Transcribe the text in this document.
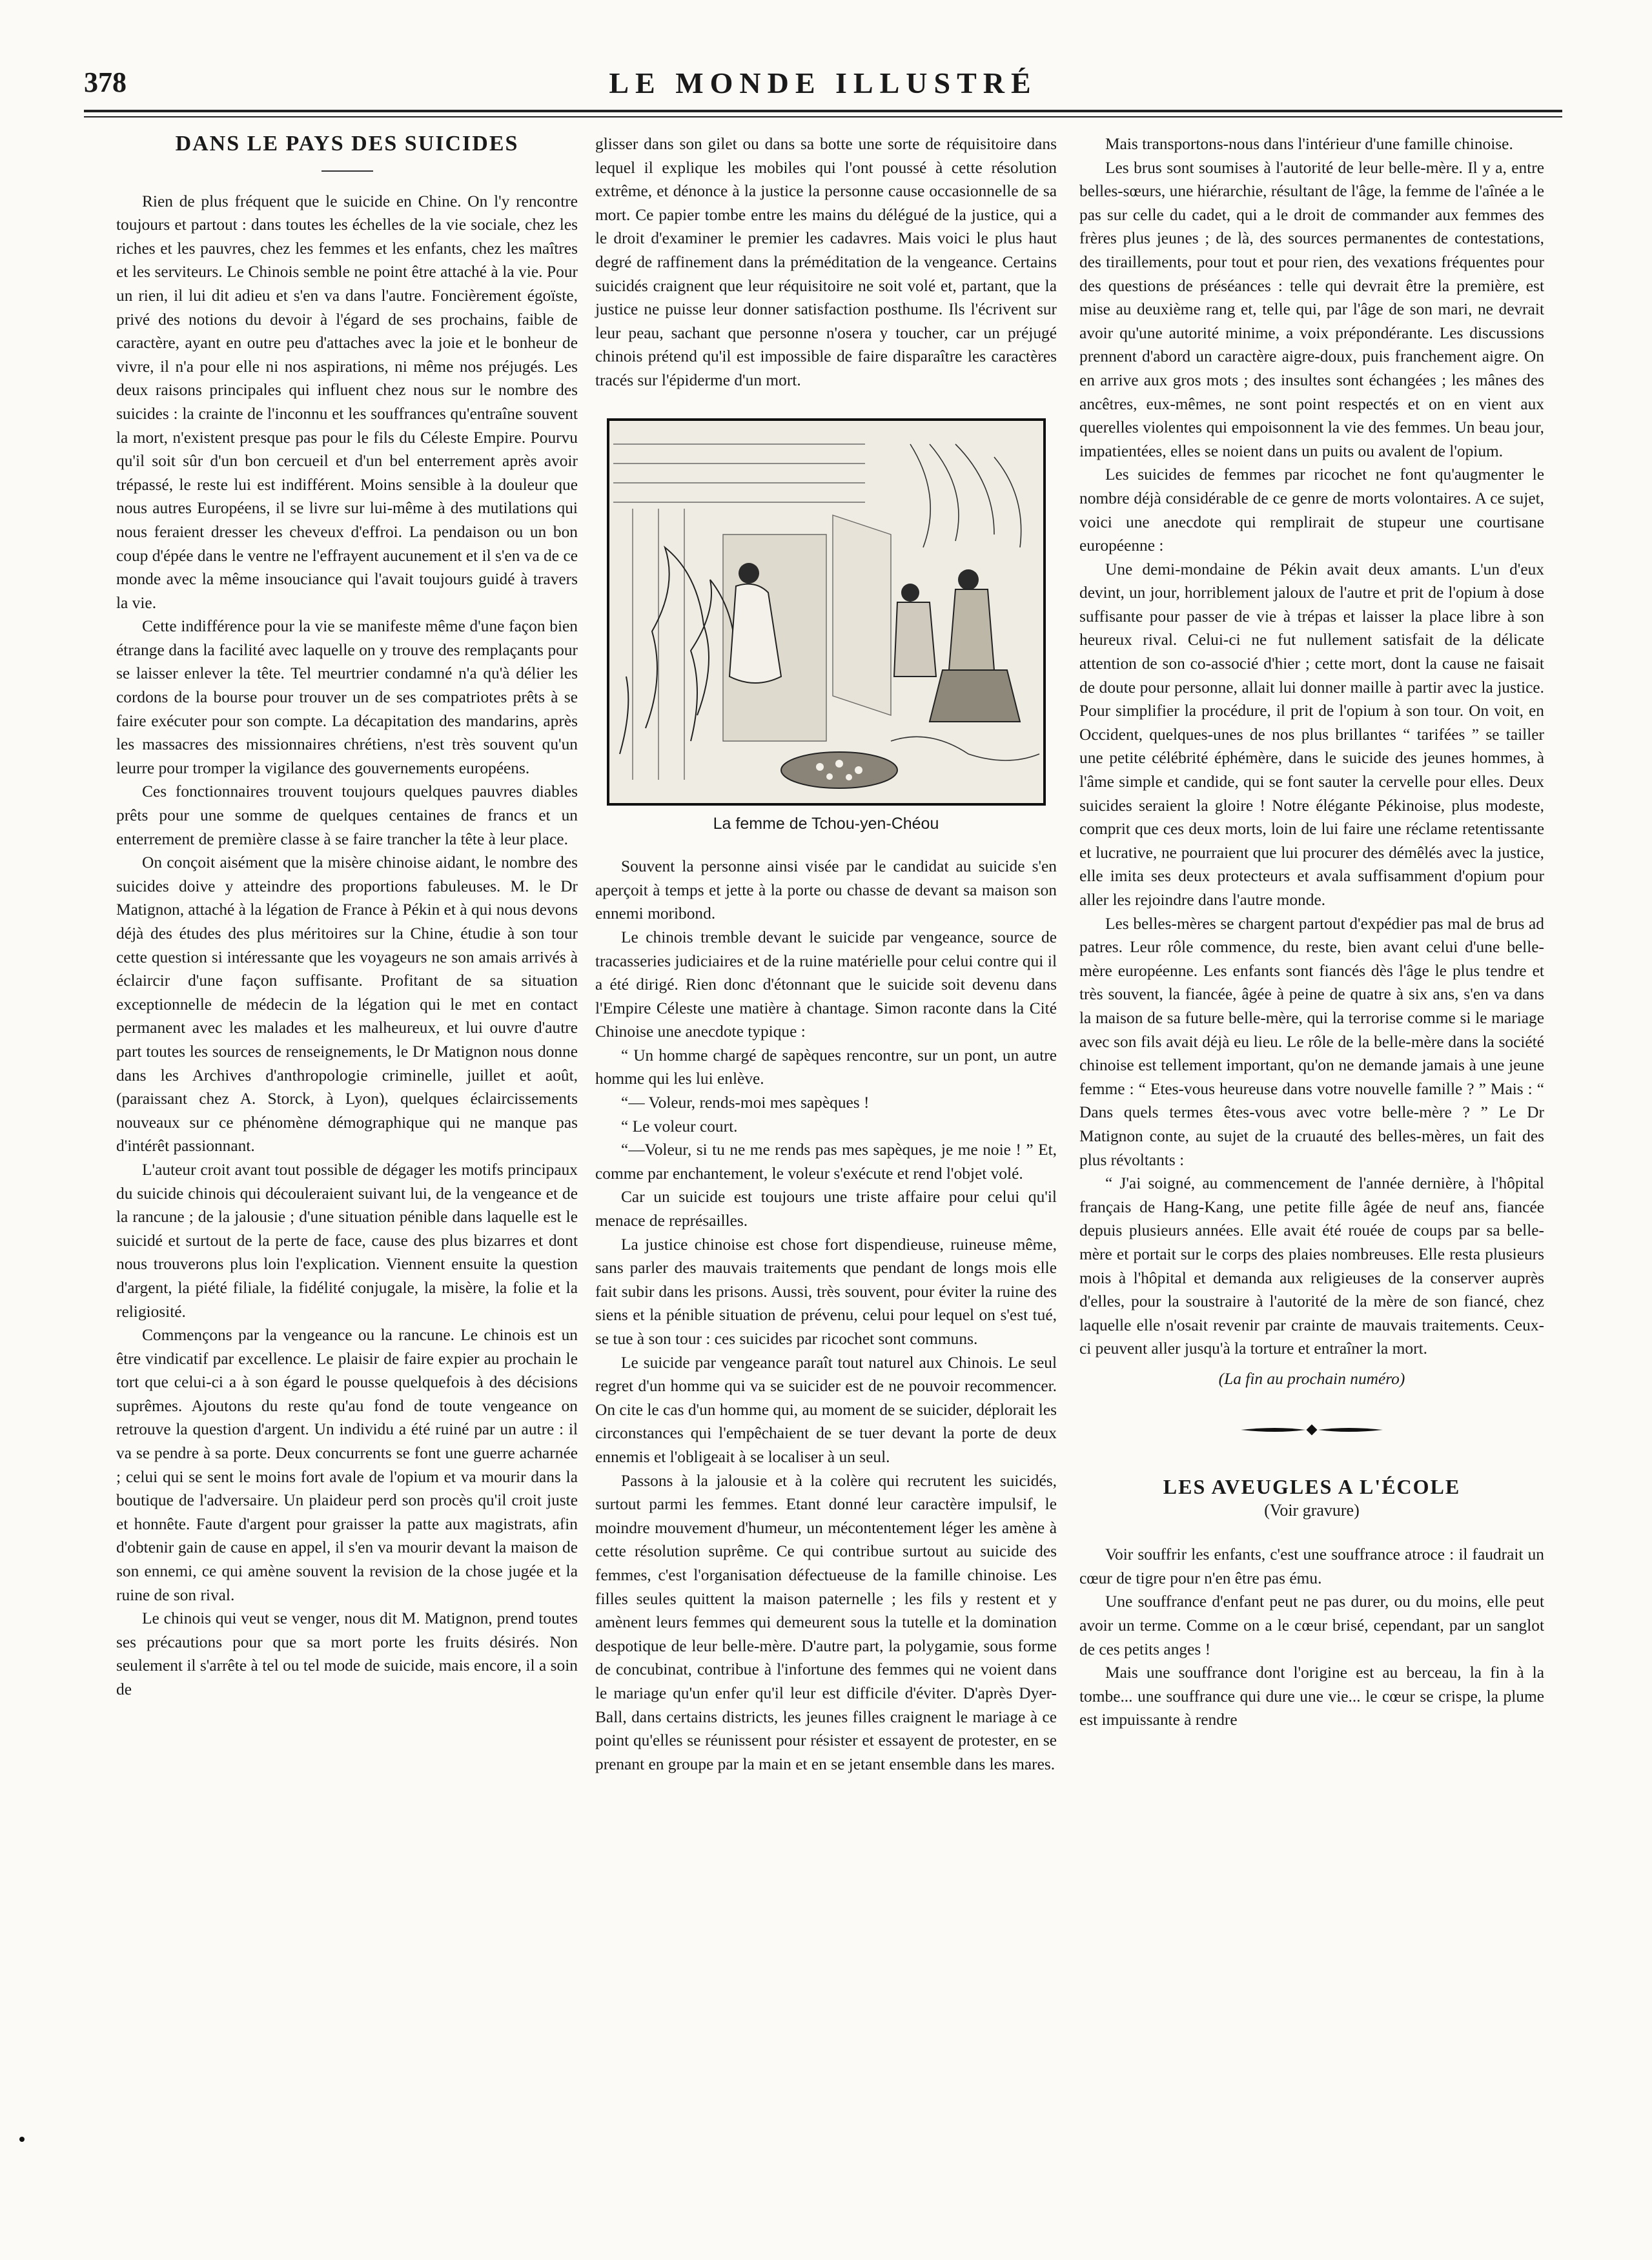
378	LE MONDE ILLUSTRÉ
DANS LE PAYS DES SUICIDES

Rien de plus fréquent que le suicide en Chine. On l'y rencontre toujours et partout : dans toutes les échelles de la vie sociale, chez les riches et les pauvres, chez les femmes et les enfants, chez les maîtres et les serviteurs. Le Chinois semble ne point être attaché à la vie. Pour un rien, il lui dit adieu et s'en va dans l'autre. Foncièrement égoïste, privé des notions du devoir à l'égard de ses prochains, faible de caractère, ayant en outre peu d'attaches avec la joie et le bonheur de vivre, il n'a pour elle ni nos aspirations, ni même nos préjugés. Les deux raisons principales qui influent chez nous sur le nombre des suicides : la crainte de l'inconnu et les souffrances qu'entraîne souvent la mort, n'existent presque pas pour le fils du Céleste Empire. Pourvu qu'il soit sûr d'un bon cercueil et d'un bel enterrement après avoir trépassé, le reste lui est indifférent. Moins sensible à la douleur que nous autres Européens, il se livre sur lui-même à des mutilations qui nous feraient dresser les cheveux d'effroi. La pendaison ou un bon coup d'épée dans le ventre ne l'effrayent aucunement et il s'en va de ce monde avec la même insouciance qui l'avait toujours guidé à travers la vie.

Cette indifférence pour la vie se manifeste même d'une façon bien étrange dans la facilité avec laquelle on y trouve des remplaçants pour se laisser enlever la tête. Tel meurtrier condamné n'a qu'à délier les cordons de la bourse pour trouver un de ses compatriotes prêts à se faire exécuter pour son compte. La décapitation des mandarins, après les massacres des missionnaires chrétiens, n'est très souvent qu'un leurre pour tromper la vigilance des gouvernements européens.

Ces fonctionnaires trouvent toujours quelques pauvres diables prêts pour une somme de quelques centaines de francs et un enterrement de première classe à se faire trancher la tête à leur place.

On conçoit aisément que la misère chinoise aidant, le nombre des suicides doive y atteindre des proportions fabuleuses. M. le Dr Matignon, attaché à la légation de France à Pékin et à qui nous devons déjà des études des plus méritoires sur la Chine, étudie à son tour cette question si intéressante que les voyageurs ne son amais arrivés à éclaircir d'une façon suffisante. Profitant de sa situation exceptionnelle de médecin de la légation qui le met en contact permanent avec les malades et les malheureux, et lui ouvre d'autre part toutes les sources de renseignements, le Dr Matignon nous donne dans les Archives d'anthropologie criminelle, juillet et août, (paraissant chez A. Storck, à Lyon), quelques éclaircissements nouveaux sur ce phénomène démographique qui ne manque pas d'intérêt passionnant.

L'auteur croit avant tout possible de dégager les motifs principaux du suicide chinois qui découleraient suivant lui, de la vengeance et de la rancune ; de la jalousie ; d'une situation pénible dans laquelle est le suicidé et surtout de la perte de face, cause des plus bizarres et dont nous trouverons plus loin l'explication. Viennent ensuite la question d'argent, la piété filiale, la fidélité conjugale, la misère, la folie et la religiosité.

Commençons par la vengeance ou la rancune. Le chinois est un être vindicatif par excellence. Le plaisir de faire expier au prochain le tort que celui-ci a à son égard le pousse quelquefois à des décisions suprêmes. Ajoutons du reste qu'au fond de toute vengeance on retrouve la question d'argent. Un individu a été ruiné par un autre : il va se pendre à sa porte. Deux concurrents se font une guerre acharnée ; celui qui se sent le moins fort avale de l'opium et va mourir dans la boutique de l'adversaire. Un plaideur perd son procès qu'il croit juste et honnête. Faute d'argent pour graisser la patte aux magistrats, afin d'obtenir gain de cause en appel, il s'en va mourir devant la maison de son ennemi, ce qui amène souvent la revision de la chose jugée et la ruine de son rival.

Le chinois qui veut se venger, nous dit M. Matignon, prend toutes ses précautions pour que sa mort porte les fruits désirés. Non seulement il s'arrête à tel ou tel mode de suicide, mais encore, il a soin de

glisser dans son gilet ou dans sa botte une sorte de réquisitoire dans lequel il explique les mobiles qui l'ont poussé à cette résolution extrême, et dénonce à la justice la personne cause occasionnelle de sa mort. Ce papier tombe entre les mains du délégué de la justice, qui a le droit d'examiner le premier les cadavres. Mais voici le plus haut degré de raffinement dans la préméditation de la vengeance. Certains suicidés craignent que leur réquisitoire ne soit volé et, partant, que la justice ne puisse leur donner satisfaction posthume. Ils l'écrivent sur leur peau, sachant que personne n'osera y toucher, car un préjugé chinois prétend qu'il est impossible de faire disparaître les caractères tracés sur l'épiderme d'un mort.

La femme de Tchou-yen-Chéou

Souvent la personne ainsi visée par le candidat au suicide s'en aperçoit à temps et jette à la porte ou chasse de devant sa maison son ennemi moribond.

Le chinois tremble devant le suicide par vengeance, source de tracasseries judiciaires et de la ruine matérielle pour celui contre qui il a été dirigé. Rien donc d'étonnant que le suicide soit devenu dans l'Empire Céleste une matière à chantage. Simon raconte dans la Cité Chinoise une anecdote typique :

“ Un homme chargé de sapèques rencontre, sur un pont, un autre homme qui les lui enlève.

“— Voleur, rends-moi mes sapèques !

“ Le voleur court.

“—Voleur, si tu ne me rends pas mes sapèques, je me noie ! ” Et, comme par enchantement, le voleur s'exécute et rend l'objet volé.

Car un suicide est toujours une triste affaire pour celui qu'il menace de représailles.

La justice chinoise est chose fort dispendieuse, ruineuse même, sans parler des mauvais traitements que pendant de longs mois elle fait subir dans les prisons. Aussi, très souvent, pour éviter la ruine des siens et la pénible situation de prévenu, celui pour lequel on s'est tué, se tue à son tour : ces suicides par ricochet sont communs.

Le suicide par vengeance paraît tout naturel aux Chinois. Le seul regret d'un homme qui va se suicider est de ne pouvoir recommencer. On cite le cas d'un homme qui, au moment de se suicider, déplorait les circonstances qui l'empêchaient de se tuer devant la porte de deux ennemis et l'obligeait à se localiser à un seul.

Passons à la jalousie et à la colère qui recrutent les suicidés, surtout parmi les femmes. Etant donné leur caractère impulsif, le moindre mouvement d'humeur, un mécontentement léger les amène à cette résolution suprême. Ce qui contribue surtout au suicide des femmes, c'est l'organisation défectueuse de la famille chinoise. Les filles seules quittent la maison paternelle ; les fils y restent et y amènent leurs femmes qui demeurent sous la tutelle et la domination despotique de leur belle-mère. D'autre part, la polygamie, sous forme de concubinat, contribue à l'infortune des femmes qui ne voient dans le mariage qu'un enfer qu'il leur est difficile d'éviter. D'après Dyer-Ball, dans certains districts, les jeunes filles craignent le mariage à ce point qu'elles se réunissent pour résister et essayent de protester, en se prenant en groupe par la main et en se jetant ensemble dans les mares.

Mais transportons-nous dans l'intérieur d'une famille chinoise.

Les brus sont soumises à l'autorité de leur belle-mère. Il y a, entre belles-sœurs, une hiérarchie, résultant de l'âge, la femme de l'aînée a le pas sur celle du cadet, qui a le droit de commander aux femmes des frères plus jeunes ; de là, des sources permanentes de contestations, des tiraillements, pour tout et pour rien, des vexations fréquentes pour des questions de préséances : telle qui devrait être la première, est mise au deuxième rang et, telle qui, par l'âge de son mari, ne devrait avoir qu'une autorité minime, a voix prépondérante. Les discussions prennent d'abord un caractère aigre-doux, puis franchement aigre. On en arrive aux gros mots ; des insultes sont échangées ; les mânes des ancêtres, eux-mêmes, ne sont point respectés et on en vient aux querelles violentes qui empoisonnent la vie des femmes. Un beau jour, impatientées, elles se noient dans un puits ou avalent de l'opium.

Les suicides de femmes par ricochet ne font qu'augmenter le nombre déjà considérable de ce genre de morts volontaires. A ce sujet, voici une anecdote qui remplirait de stupeur une courtisane européenne :

Une demi-mondaine de Pékin avait deux amants. L'un d'eux devint, un jour, horriblement jaloux de l'autre et prit de l'opium à dose suffisante pour passer de vie à trépas et laisser la place libre à son heureux rival. Celui-ci ne fut nullement satisfait de la délicate attention de son co-associé d'hier ; cette mort, dont la cause ne faisait de doute pour personne, allait lui donner maille à partir avec la justice. Pour simplifier la procédure, il prit de l'opium à son tour. On voit, en Occident, quelques-unes de nos plus brillantes “ tarifées ” se tailler une petite célébrité éphémère, dans le suicide des jeunes hommes, à l'âme simple et candide, qui se font sauter la cervelle pour elles. Deux suicides seraient la gloire ! Notre élégante Pékinoise, plus modeste, comprit que ces deux morts, loin de lui faire une réclame retentissante et lucrative, ne pourraient que lui procurer des démêlés avec la justice, elle imita ses deux protecteurs et avala suffisamment d'opium pour aller les rejoindre dans l'autre monde.

Les belles-mères se chargent partout d'expédier pas mal de brus ad patres. Leur rôle commence, du reste, bien avant celui d'une belle-mère européenne. Les enfants sont fiancés dès l'âge le plus tendre et très souvent, la fiancée, âgée à peine de quatre à six ans, s'en va dans la maison de sa future belle-mère, qui la terrorise comme si le mariage avec son fils avait déjà eu lieu. Le rôle de la belle-mère dans la société chinoise est tellement important, qu'on ne demande jamais à une jeune femme : “ Etes-vous heureuse dans votre nouvelle famille ? ” Mais : “ Dans quels termes êtes-vous avec votre belle-mère ? ” Le Dr Matignon conte, au sujet de la cruauté des belles-mères, un fait des plus révoltants :

“ J'ai soigné, au commencement de l'année dernière, à l'hôpital français de Hang-Kang, une petite fille âgée de neuf ans, fiancée depuis plusieurs années. Elle avait été rouée de coups par sa belle-mère et portait sur le corps des plaies nombreuses. Elle resta plusieurs mois à l'hôpital et demanda aux religieuses de la conserver auprès d'elles, pour la soustraire à l'autorité de la mère de son fiancé, chez laquelle elle n'osait revenir par crainte de mauvais traitements. Ceux-ci peuvent aller jusqu'à la torture et entraîner la mort.

(La fin au prochain numéro)
LES AVEUGLES A L'ÉCOLE
(Voir gravure)

Voir souffrir les enfants, c'est une souffrance atroce : il faudrait un cœur de tigre pour n'en être pas ému.

Une souffrance d'enfant peut ne pas durer, ou du moins, elle peut avoir un terme. Comme on a le cœur brisé, cependant, par un sanglot de ces petits anges !

Mais une souffrance dont l'origine est au berceau, la fin à la tombe... une souffrance qui dure une vie... le cœur se crispe, la plume est impuissante à rendre
